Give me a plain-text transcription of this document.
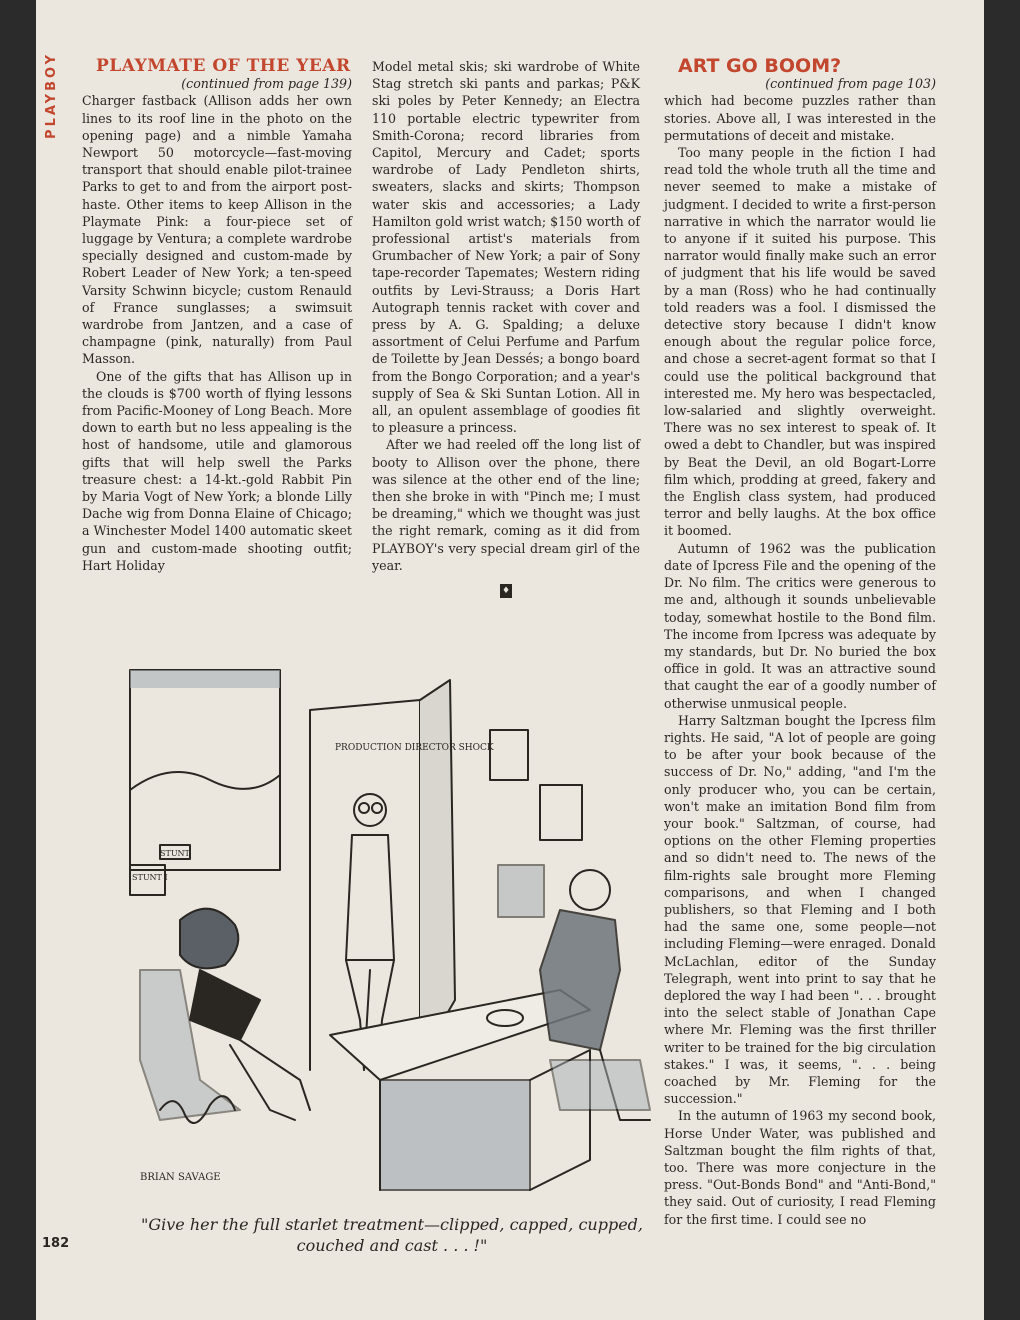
PLAYBOY	PLAYMATE OF THE YEAR

(continued from page 139)

Charger fastback (Allison adds her own lines to its roof line in the photo on the opening page) and a nimble Yamaha Newport 50 motorcycle—fast-moving transport that should enable pilot-trainee Parks to get to and from the airport post-haste. Other items to keep Allison in the Playmate Pink: a four-piece set of luggage by Ventura; a complete wardrobe specially designed and custom-made by Robert Leader of New York; a ten-speed Varsity Schwinn bicycle; custom Renauld of France sunglasses; a swimsuit wardrobe from Jantzen, and a case of champagne (pink, naturally) from Paul Masson.

One of the gifts that has Allison up in the clouds is $700 worth of flying lessons from Pacific-Mooney of Long Beach. More down to earth but no less appealing is the host of handsome, utile and glamorous gifts that will help swell the Parks treasure chest: a 14-kt.-gold Rabbit Pin by Maria Vogt of New York; a blonde Lilly Dache wig from Donna Elaine of Chicago; a Winchester Model 1400 automatic skeet gun and custom-made shooting outfit; Hart Holiday

Model metal skis; ski wardrobe of White Stag stretch ski pants and parkas; P&K ski poles by Peter Kennedy; an Electra 110 portable electric typewriter from Smith-Corona; record libraries from Capitol, Mercury and Cadet; sports wardrobe of Lady Pendleton shirts, sweaters, slacks and skirts; Thompson water skis and accessories; a Lady Hamilton gold wrist watch; $150 worth of professional artist's materials from Grumbacher of New York; a pair of Sony tape-recorder Tapemates; Western riding outfits by Levi-Strauss; a Doris Hart Autograph tennis racket with cover and press by A. G. Spalding; a deluxe assortment of Celui Perfume and Parfum de Toilette by Jean Dessés; a bongo board from the Bongo Corporation; and a year's supply of Sea & Ski Suntan Lotion. All in all, an opulent assemblage of goodies fit to pleasure a princess.

After we had reeled off the long list of booty to Allison over the phone, there was silence at the other end of the line; then she broke in with "Pinch me; I must be dreaming," which we thought was just the right remark, coming as it did from PLAYBOY's very special dream girl of the year.

♦

ART GO BOOM?

(continued from page 103)

which had become puzzles rather than stories. Above all, I was interested in the permutations of deceit and mistake.

Too many people in the fiction I had read told the whole truth all the time and never seemed to make a mistake of judgment. I decided to write a first-person narrative in which the narrator would lie to anyone if it suited his purpose. This narrator would finally make such an error of judgment that his life would be saved by a man (Ross) who he had continually told readers was a fool. I dismissed the detective story because I didn't know enough about the regular police force, and chose a secret-agent format so that I could use the political background that interested me. My hero was bespectacled, low-salaried and slightly overweight. There was no sex interest to speak of. It owed a debt to Chandler, but was inspired by Beat the Devil, an old Bogart-Lorre film which, prodding at greed, fakery and the English class system, had produced terror and belly laughs. At the box office it boomed.

Autumn of 1962 was the publication date of Ipcress File and the opening of the Dr. No film. The critics were generous to me and, although it sounds unbelievable today, somewhat hostile to the Bond film. The income from Ipcress was adequate by my standards, but Dr. No buried the box office in gold. It was an attractive sound that caught the ear of a goodly number of otherwise unmusical people.

Harry Saltzman bought the Ipcress film rights. He said, "A lot of people are going to be after your book because of the success of Dr. No," adding, "and I'm the only producer who, you can be certain, won't make an imitation Bond film from your book." Saltzman, of course, had options on the other Fleming properties and so didn't need to. The news of the film-rights sale brought more Fleming comparisons, and when I changed publishers, so that Fleming and I both had the same one, some people—not including Fleming—were enraged. Donald McLachlan, editor of the Sunday Telegraph, went into print to say that he deplored the way I had been ". . . brought into the select stable of Jonathan Cape where Mr. Fleming was the first thriller writer to be trained for the big circulation stakes." I was, it seems, ". . . being coached by Mr. Fleming for the succession."

In the autumn of 1963 my second book, Horse Under Water, was published and Saltzman bought the film rights of that, too. There was more conjecture in the press. "Out-Bonds Bond" and "Anti-Bond," they said. Out of curiosity, I read Fleming for the first time. I could see no

PRODUCTION DIRECTOR SHOCK
STUNT
STUNT I
BRIAN SAVAGE
"Give her the full starlet treatment—clipped, capped, cupped, couched and cast . . . !"
182
